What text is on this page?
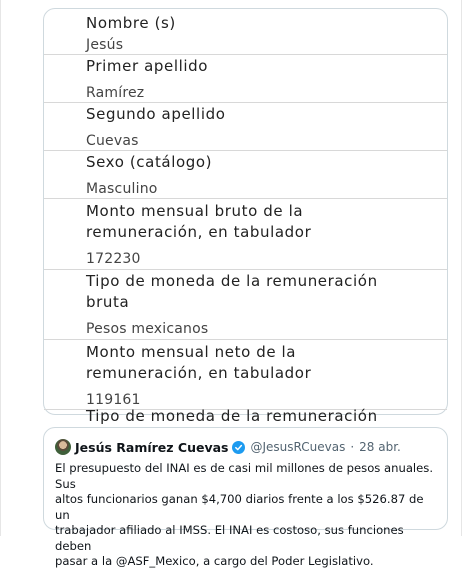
Nombre (s)
Jesús
Primer apellido
Ramírez
Segundo apellido
Cuevas
Sexo (catálogo)
Masculino
Monto mensual bruto de la
remuneración, en tabulador
172230
Tipo de moneda de la remuneración
bruta
Pesos mexicanos
Monto mensual neto de la
remuneración, en tabulador
119161
Tipo de moneda de la remuneración
Jesús Ramírez Cuevas @JesusRCuevas · 28 abr.
El presupuesto del INAI es de casi mil millones de pesos anuales. Sus
altos funcionarios ganan $4,700 diarios frente a los $526.87 de un
trabajador afiliado al IMSS. El INAI es costoso, sus funciones deben
pasar a la @ASF_Mexico, a cargo del Poder Legislativo.
